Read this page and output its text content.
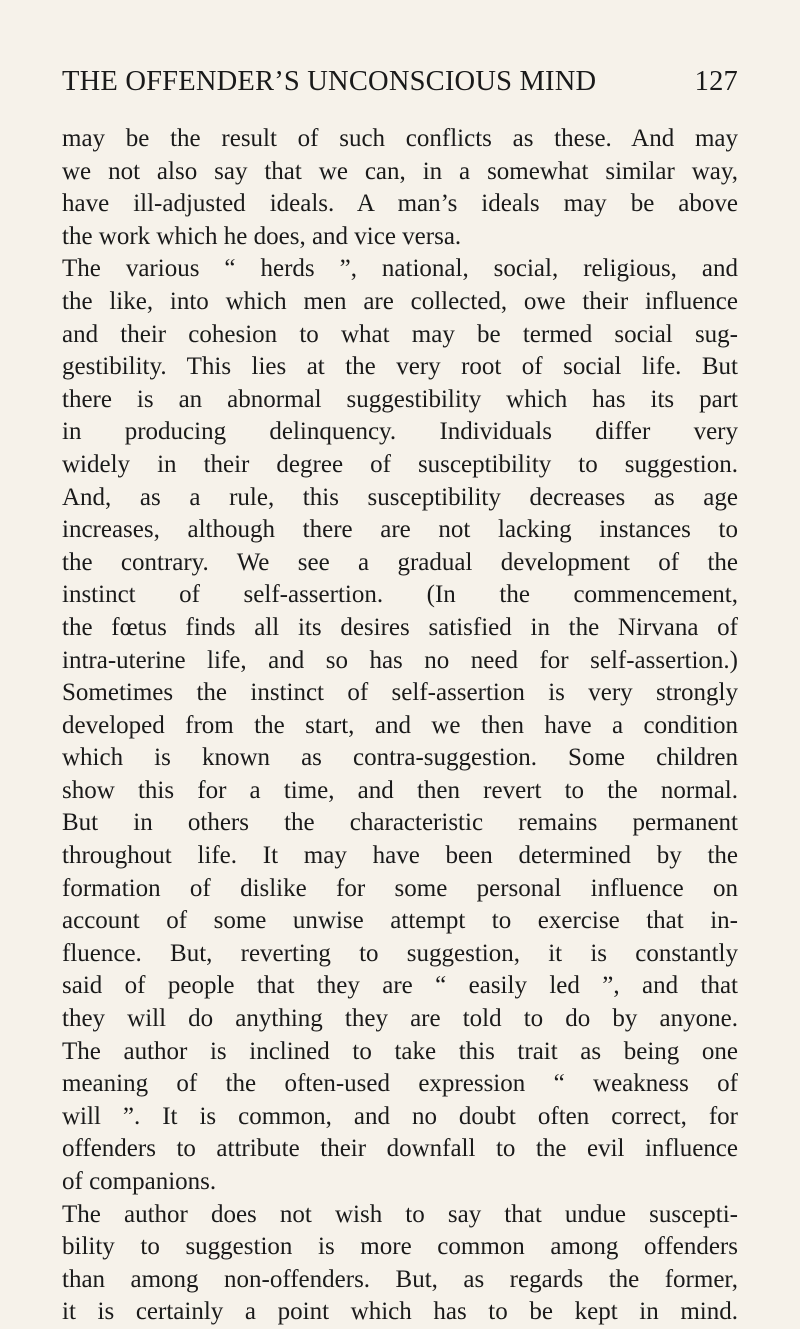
THE OFFENDER’S UNCONSCIOUS MIND	127
may be the result of such conflicts as these. And may
we not also say that we can, in a somewhat similar way,
have ill-adjusted ideals. A man’s ideals may be above
the work which he does, and vice versa.
The various “ herds ”, national, social, religious, and
the like, into which men are collected, owe their influence
and their cohesion to what may be termed social sug-
gestibility. This lies at the very root of social life. But
there is an abnormal suggestibility which has its part
in producing delinquency. Individuals differ very
widely in their degree of susceptibility to suggestion.
And, as a rule, this susceptibility decreases as age
increases, although there are not lacking instances to
the contrary. We see a gradual development of the
instinct of self-assertion. (In the commencement,
the fœtus finds all its desires satisfied in the Nirvana of
intra-uterine life, and so has no need for self-assertion.)
Sometimes the instinct of self-assertion is very strongly
developed from the start, and we then have a condition
which is known as contra-suggestion. Some children
show this for a time, and then revert to the normal.
But in others the characteristic remains permanent
throughout life. It may have been determined by the
formation of dislike for some personal influence on
account of some unwise attempt to exercise that in-
fluence. But, reverting to suggestion, it is constantly
said of people that they are “ easily led ”, and that
they will do anything they are told to do by anyone.
The author is inclined to take this trait as being one
meaning of the often-used expression “ weakness of
will ”. It is common, and no doubt often correct, for
offenders to attribute their downfall to the evil influence
of companions.
The author does not wish to say that undue suscepti-
bility to suggestion is more common among offenders
than among non-offenders. But, as regards the former,
it is certainly a point which has to be kept in mind.
